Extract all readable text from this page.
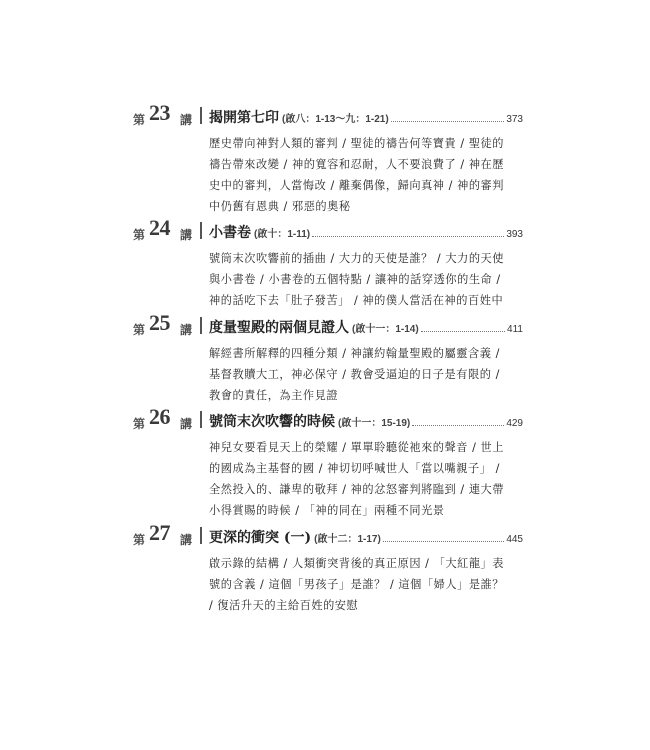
第 23 講 揭開第七印 (啟八：1-13～九：1-21)	373
歷史帶向神對人類的審判 / 聖徒的禱告何等寶貴 / 聖徒的
禱告帶來改變 / 神的寬容和忍耐，人不要浪費了 / 神在歷
史中的審判，人當悔改 / 離棄偶像，歸向真神 / 神的審判
中仍舊有恩典 / 邪惡的奧秘
第 24 講 小書卷 (啟十：1-11)	393
號筒末次吹響前的插曲 / 大力的天使是誰？ / 大力的天使
與小書卷 / 小書卷的五個特點 / 讓神的話穿透你的生命 /
神的話吃下去「肚子發苦」 / 神的僕人當活在神的百姓中
第 25 講 度量聖殿的兩個見證人 (啟十一：1-14)	411
解經書所解釋的四種分類 / 神讓約翰量聖殿的屬靈含義 /
基督教贖大工，神必保守 / 教會受逼迫的日子是有限的 /
教會的責任，為主作見證
第 26 講 號筒末次吹響的時候 (啟十一：15-19)	429
神兒女要看見天上的榮耀 / 單單聆聽從祂來的聲音 / 世上
的國成為主基督的國 / 神切切呼喊世人「當以嘴親子」 /
全然投入的、謙卑的敬拜 / 神的忿怒審判將臨到 / 連大帶
小得賞賜的時候 / 「神的同在」兩種不同光景
第 27 講 更深的衝突 (一) (啟十二：1-17)	445
啟示錄的結構 / 人類衝突背後的真正原因 / 「大紅龍」表
號的含義 / 這個「男孩子」是誰？ / 這個「婦人」是誰？
/ 復活升天的主給百姓的安慰
